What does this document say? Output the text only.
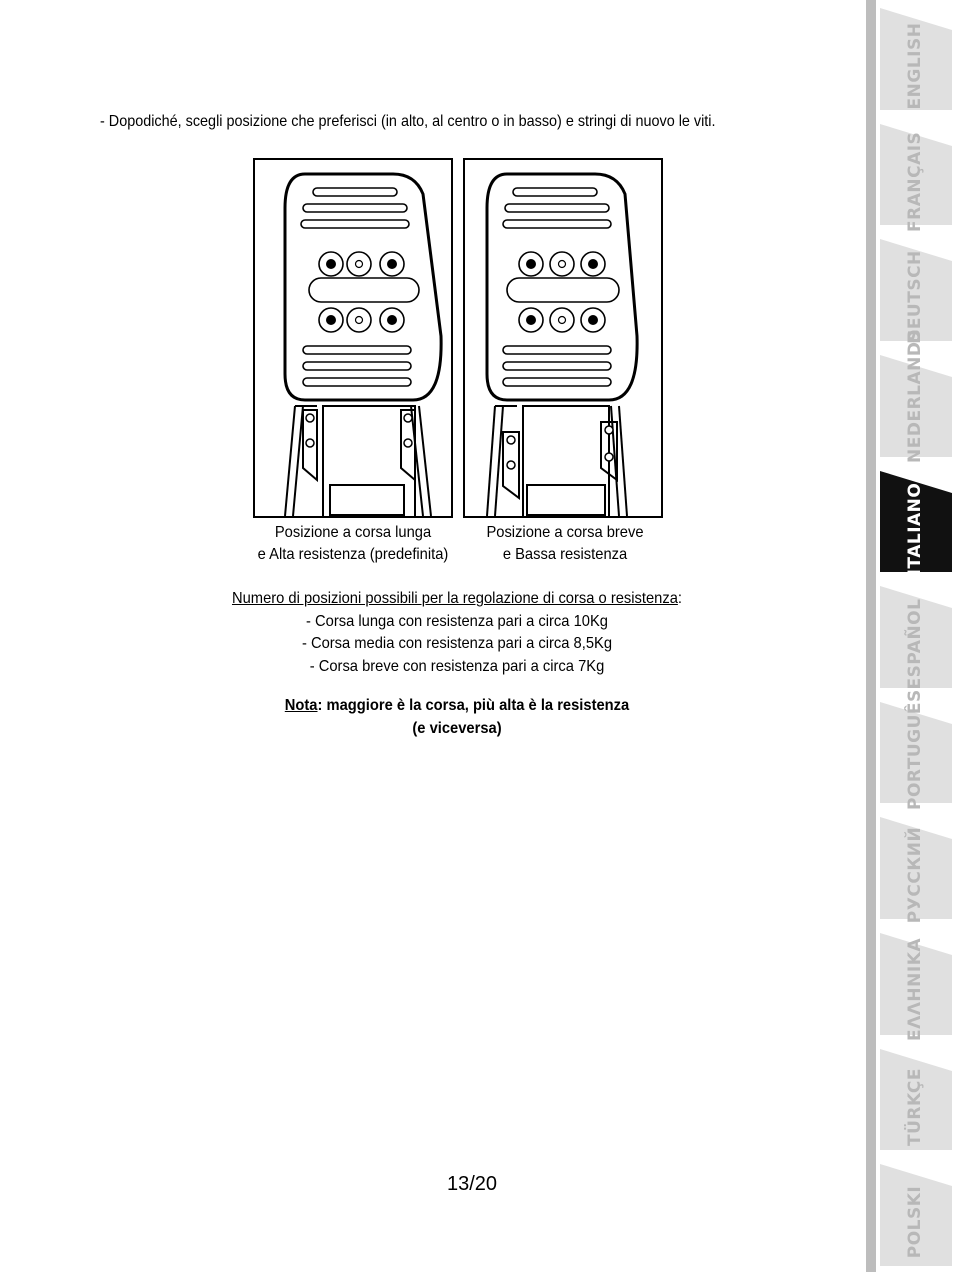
- Dopodiché, scegli posizione che preferisci (in alto, al centro o in basso) e stringi di nuovo le viti.
Posizione a corsa lunga
e Alta resistenza (predefinita)
Posizione a corsa breve
e Bassa resistenza
Numero di posizioni possibili per la regolazione di corsa o resistenza:
- Corsa lunga con resistenza pari a circa 10Kg
- Corsa media con resistenza pari a circa 8,5Kg
- Corsa breve con resistenza pari a circa 7Kg
Nota: maggiore è la corsa, più alta è la resistenza
(e viceversa)
13/20
ENGLISH
FRANÇAIS
DEUTSCH
NEDERLANDS
ITALIANO
ESPAÑOL
PORTUGUÊS
РУССКИЙ
ΕΛΛΗΝΙΚΑ
TÜRKÇE
POLSKI
